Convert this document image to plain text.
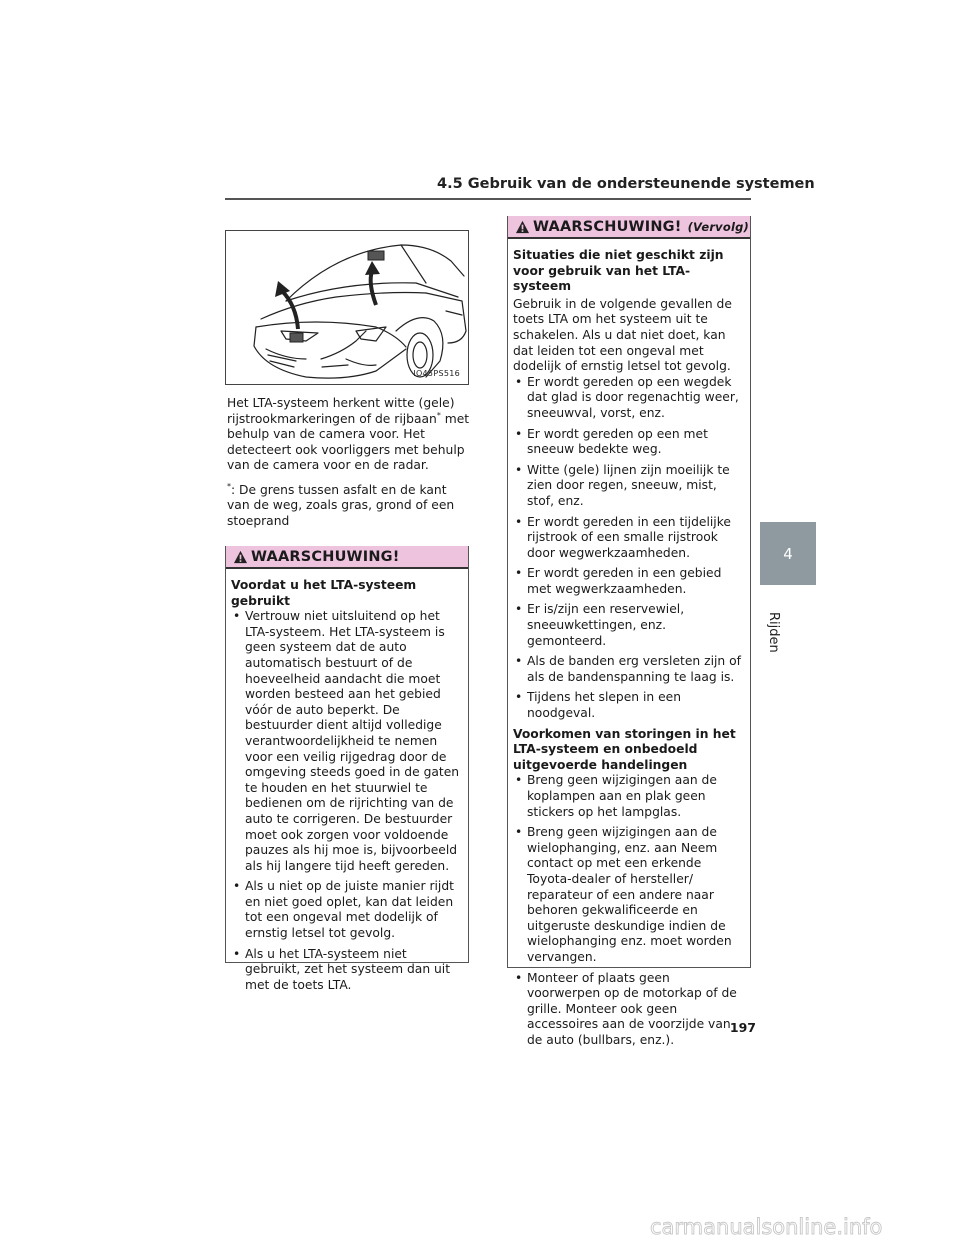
4.5 Gebruik van de ondersteunende systemen
IO45PS516

Het LTA-systeem herkent witte (gele) rijstrookmarkeringen of de rijbaan* met behulp van de camera voor. Het detecteert ook voorliggers met behulp van de camera voor en de radar.

*: De grens tussen asfalt en de kant van de weg, zoals gras, grond of een stoeprand

WAARSCHUWING!

Voordat u het LTA-systeem gebruikt

• Vertrouw niet uitsluitend op het LTA-systeem. Het LTA-systeem is geen systeem dat de auto automatisch bestuurt of de hoeveelheid aandacht die moet worden besteed aan het gebied vóór de auto beperkt. De bestuurder dient altijd volledige verantwoordelijkheid te nemen voor een veilig rijgedrag door de omgeving steeds goed in de gaten te houden en het stuurwiel te bedienen om de rijrichting van de auto te corrigeren. De bestuurder moet ook zorgen voor voldoende pauzes als hij moe is, bijvoorbeeld als hij langere tijd heeft gereden.
• Als u niet op de juiste manier rijdt en niet goed oplet, kan dat leiden tot een ongeval met dodelijk of ernstig letsel tot gevolg.
• Als u het LTA-systeem niet gebruikt, zet het systeem dan uit met de toets LTA.
WAARSCHUWING! (Vervolg)

Situaties die niet geschikt zijn voor gebruik van het LTA-systeem

Gebruik in de volgende gevallen de toets LTA om het systeem uit te schakelen. Als u dat niet doet, kan dat leiden tot een ongeval met dodelijk of ernstig letsel tot gevolg.

• Er wordt gereden op een wegdek dat glad is door regenachtig weer, sneeuwval, vorst, enz.
• Er wordt gereden op een met sneeuw bedekte weg.
• Witte (gele) lijnen zijn moeilijk te zien door regen, sneeuw, mist, stof, enz.
• Er wordt gereden in een tijdelijke rijstrook of een smalle rijstrook door wegwerkzaamheden.
• Er wordt gereden in een gebied met wegwerkzaamheden.
• Er is/zijn een reservewiel, sneeuwkettingen, enz. gemonteerd.
• Als de banden erg versleten zijn of als de bandenspanning te laag is.
• Tijdens het slepen in een noodgeval.

Voorkomen van storingen in het LTA-systeem en onbedoeld uitgevoerde handelingen

• Breng geen wijzigingen aan de koplampen aan en plak geen stickers op het lampglas.
• Breng geen wijzigingen aan de wielophanging, enz. aan Neem contact op met een erkende Toyota-dealer of hersteller/ reparateur of een andere naar behoren gekwalificeerde en uitgeruste deskundige indien de wielophanging enz. moet worden vervangen.
• Monteer of plaats geen voorwerpen op de motorkap of de grille. Monteer ook geen accessoires aan de voorzijde van de auto (bullbars, enz.).
4
Rijden
197
carmanualsonline.info
